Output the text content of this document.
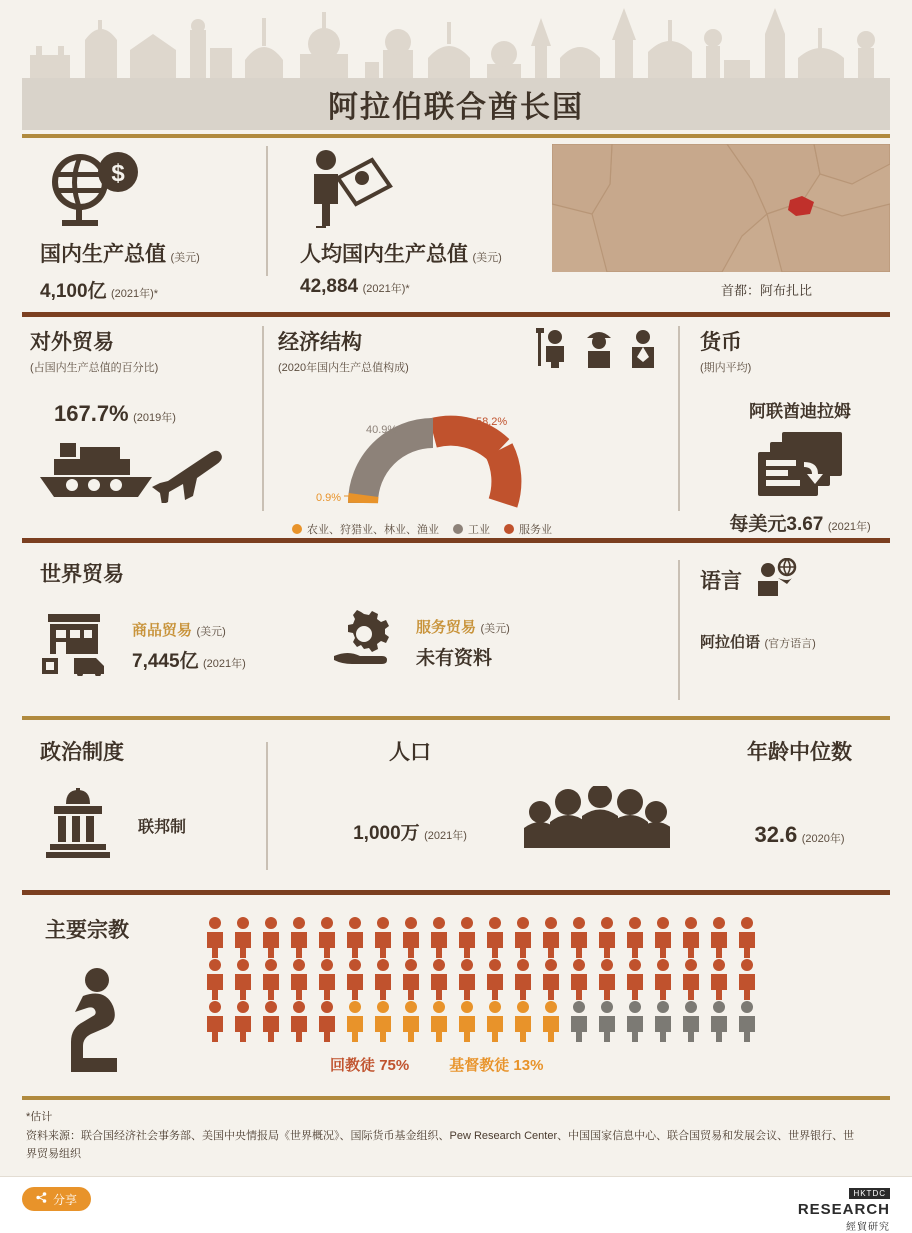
阿拉伯联合酋长国
$
国内生产总值 (美元)
4,100亿 (2021年)*
人均国内生产总值 (美元)
42,884 (2021年)*	首都：阿布扎比
对外贸易
(占国内生产总值的百分比)
167.7% (2019年)
经济结构
(2020年国内生产总值构成)
40.9%
58.2%
0.9%
农业、狩猎业、林业、渔业	工业	服务业
货币
(期内平均)
阿联酋迪拉姆
每美元3.67 (2021年)
世界贸易
商品贸易 (美元)
7,445亿 (2021年)
服务贸易 (美元)
未有资料
语言
阿拉伯语 (官方语言)
政治制度
联邦制
人口
1,000万 (2021年)
年龄中位数
32.6 (2020年)
主要宗教
回教徒 75%	基督教徒 13%
*估计
资料来源：联合国经济社会事务部、美国中央情报局《世界概况》、国际货币基金组织、Pew Research Center、中国国家信息中心、联合国贸易和发展会议、世界银行、世界贸易组织
分享	HKTDC
RESEARCH
經貿研究
